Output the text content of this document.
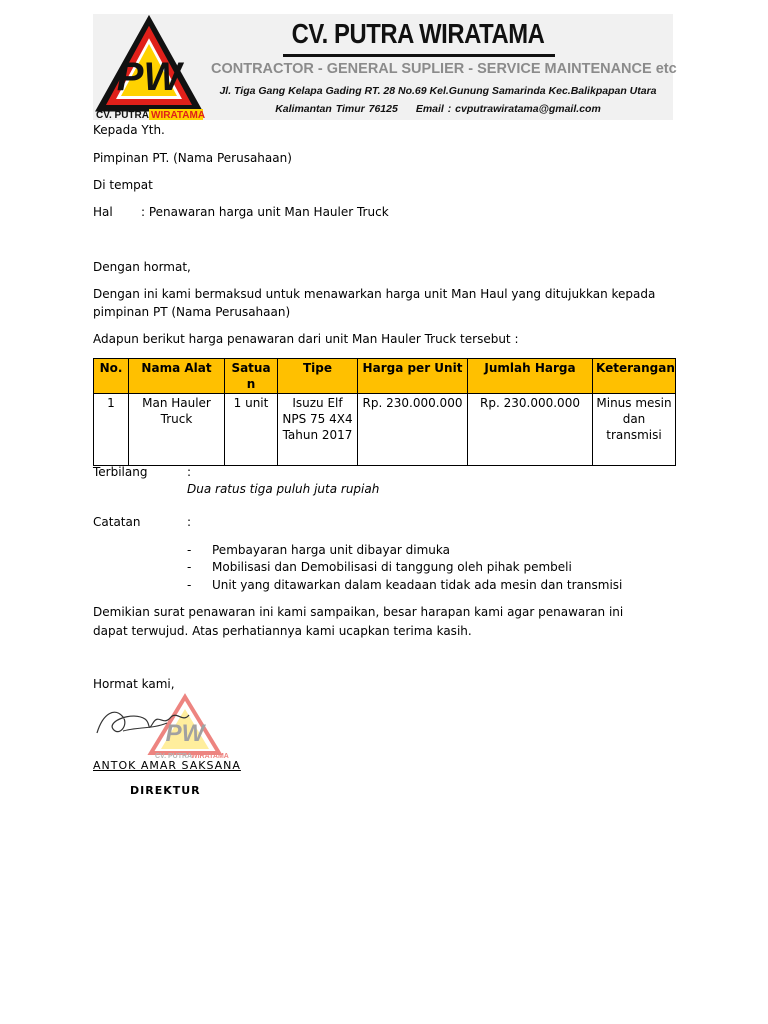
PW
CV. PUTRA WIRATAMA
CV. PUTRA WIRATAMA
CONTRACTOR - GENERAL SUPLIER - SERVICE MAINTENANCE etc
Jl. Tiga Gang Kelapa Gading RT. 28 No.69 Kel.Gunung Samarinda Kec.Balikpapan Utara
Kalimantan Timur 76125 Email : cvputrawiratama@gmail.com
Kepada Yth.
Pimpinan PT. (Nama Perusahaan)
Di tempat
Hal : Penawaran harga unit Man Hauler Truck
Dengan hormat,
Dengan ini kami bermaksud untuk menawarkan harga unit Man Haul yang ditujukkan kepada
pimpinan PT (Nama Perusahaan)
Adapun berikut harga penawaran dari unit Man Hauler Truck tersebut :
No.	Nama Alat	Satuan	Tipe	Harga per Unit	Jumlah Harga	Keterangan
1	Man Hauler Truck	1 unit	Isuzu Elf NPS 75 4X4 Tahun 2017	Rp. 230.000.000	Rp. 230.000.000	Minus mesin dan transmisi
Terbilang	:
Dua ratus tiga puluh juta rupiah
Catatan	:
- Pembayaran harga unit dibayar dimuka
- Mobilisasi dan Demobilisasi di tanggung oleh pihak pembeli
- Unit yang ditawarkan dalam keadaan tidak ada mesin dan transmisi
Demikian surat penawaran ini kami sampaikan, besar harapan kami agar penawaran ini dapat terwujud. Atas perhatiannya kami ucapkan terima kasih.
Hormat kami,
PW
CV. PUTRA
WIRATAMA
ANTOK AMAR SAKSANA
DIREKTUR
